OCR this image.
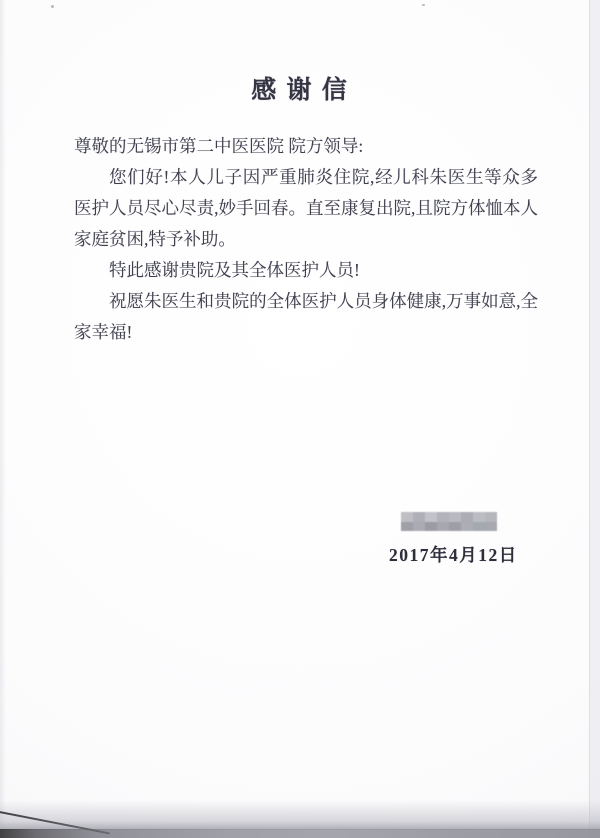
感 谢 信

尊敬的无锡市第二中医医院 院方领导:

您们好!本人儿子因严重肺炎住院,经儿科朱医生等众多医护人员尽心尽责,妙手回春。直至康复出院,且院方体恤本人家庭贫困,特予补助。

特此感谢贵院及其全体医护人员!

祝愿朱医生和贵院的全体医护人员身体健康,万事如意,全家幸福!

2017年4月12日
